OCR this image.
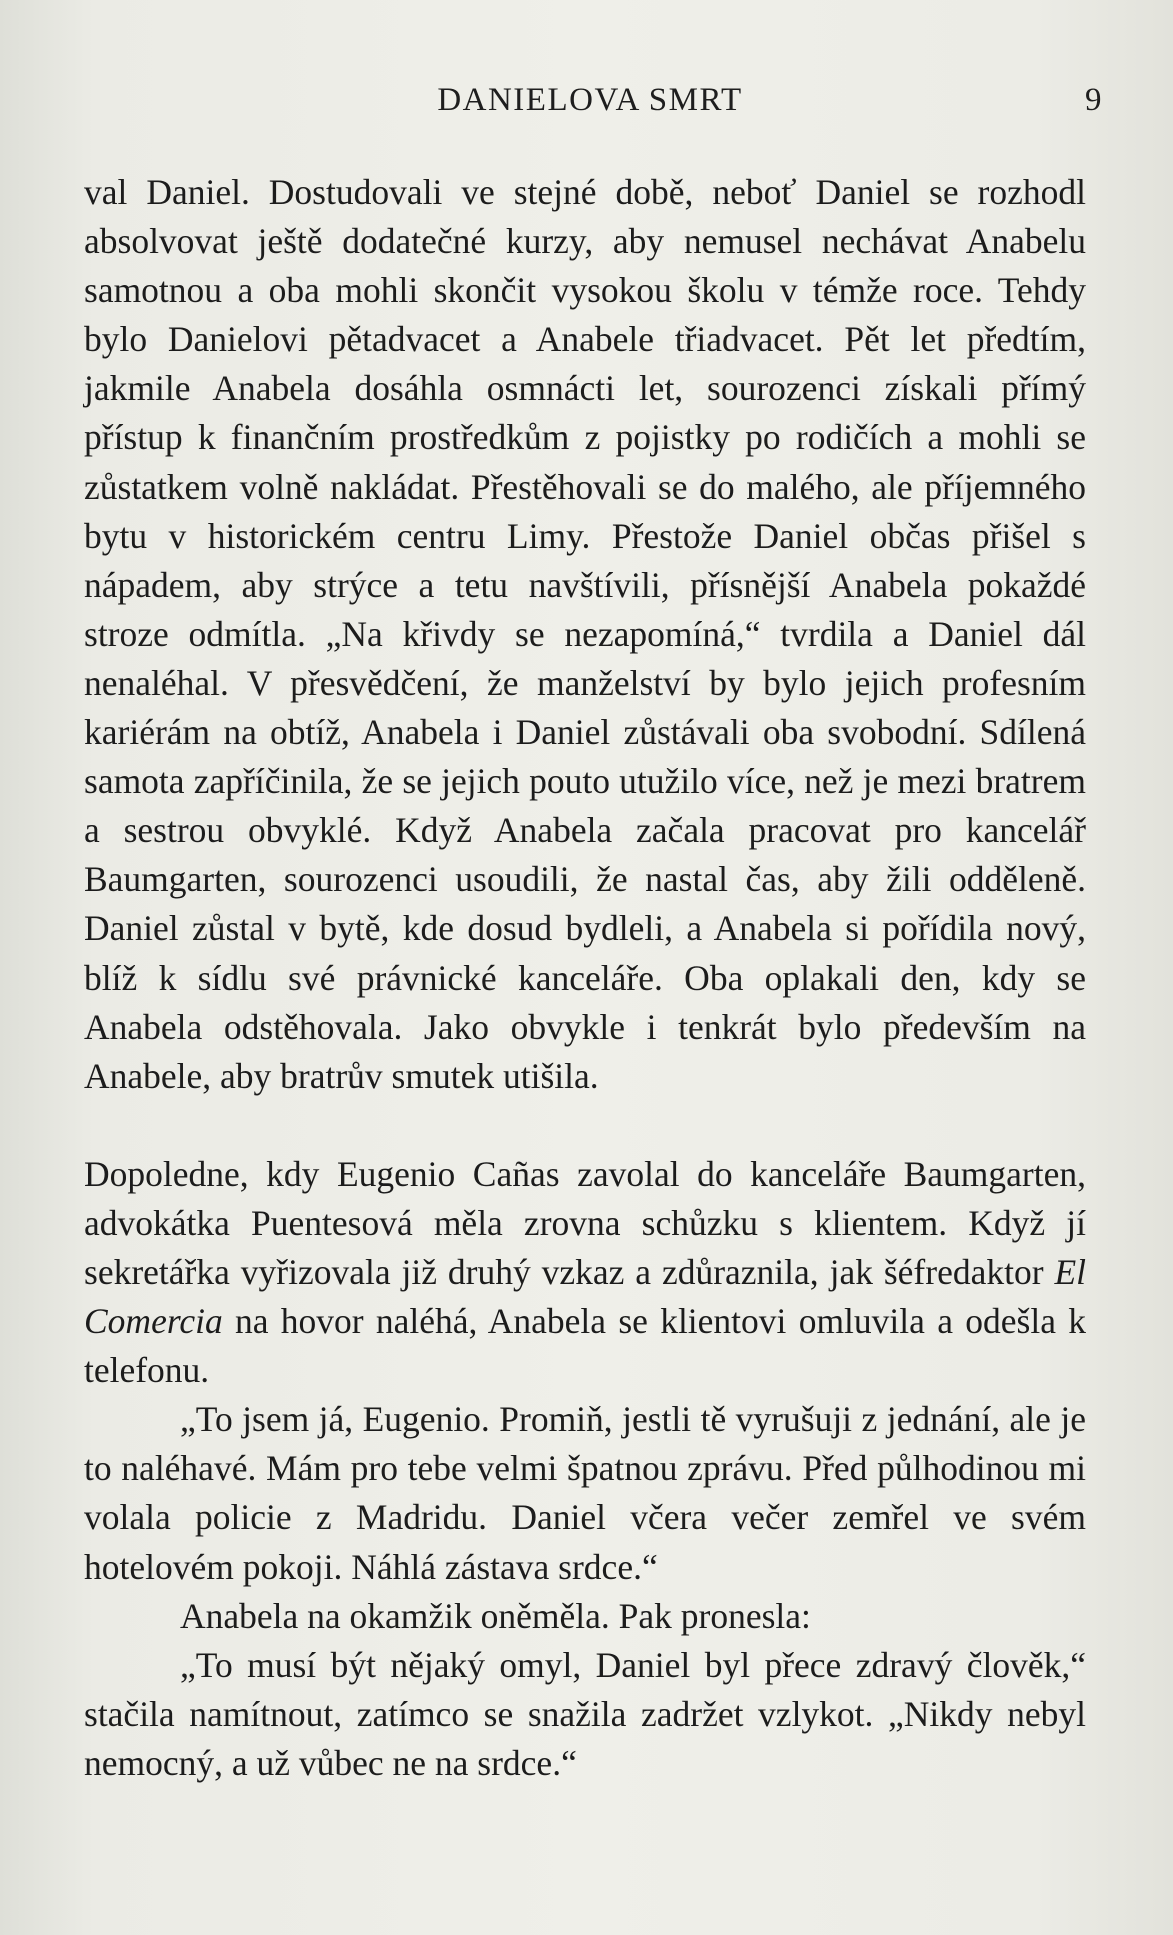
DANIELOVA SMRT	9

val Daniel. Dostudovali ve stejné době, neboť Daniel se rozhodl absolvovat ještě dodatečné kurzy, aby nemusel nechávat Anabelu samotnou a oba mohli skončit vysokou školu v témže roce. Tehdy bylo Danielovi pětadvacet a Anabele třiadvacet. Pět let předtím, jakmile Anabela dosáhla osmnácti let, sourozenci získali přímý přístup k finančním prostředkům z pojistky po rodičích a mohli se zůstatkem volně nakládat. Přestěhovali se do malého, ale příjemného bytu v historickém centru Limy. Přestože Daniel občas přišel s nápadem, aby strýce a tetu navštívili, přísnější Anabela pokaždé stroze odmítla. „Na křivdy se nezapomíná,“ tvrdila a Daniel dál nenaléhal. V přesvědčení, že manželství by bylo jejich profesním kariérám na obtíž, Anabela i Daniel zůstávali oba svobodní. Sdílená samota zapříčinila, že se jejich pouto utužilo více, než je mezi bratrem a sestrou obvyklé. Když Anabela začala pracovat pro kancelář Baumgarten, sourozenci usoudili, že nastal čas, aby žili odděleně. Daniel zůstal v bytě, kde dosud bydleli, a Anabela si pořídila nový, blíž k sídlu své právnické kanceláře. Oba oplakali den, kdy se Anabela odstěhovala. Jako obvykle i tenkrát bylo především na Anabele, aby bratrův smutek utišila.

Dopoledne, kdy Eugenio Cañas zavolal do kanceláře Baumgarten, advokátka Puentesová měla zrovna schůzku s klientem. Když jí sekretářka vyřizovala již druhý vzkaz a zdůraznila, jak šéfredaktor El Comercia na hovor naléhá, Anabela se klientovi omluvila a odešla k telefonu.

„To jsem já, Eugenio. Promiň, jestli tě vyrušuji z jednání, ale je to naléhavé. Mám pro tebe velmi špatnou zprávu. Před půlhodinou mi volala policie z Madridu. Daniel včera večer zemřel ve svém hotelovém pokoji. Náhlá zástava srdce.“

Anabela na okamžik oněměla. Pak pronesla:

„To musí být nějaký omyl, Daniel byl přece zdravý člověk,“ stačila namítnout, zatímco se snažila zadržet vzlykot. „Nikdy nebyl nemocný, a už vůbec ne na srdce.“
